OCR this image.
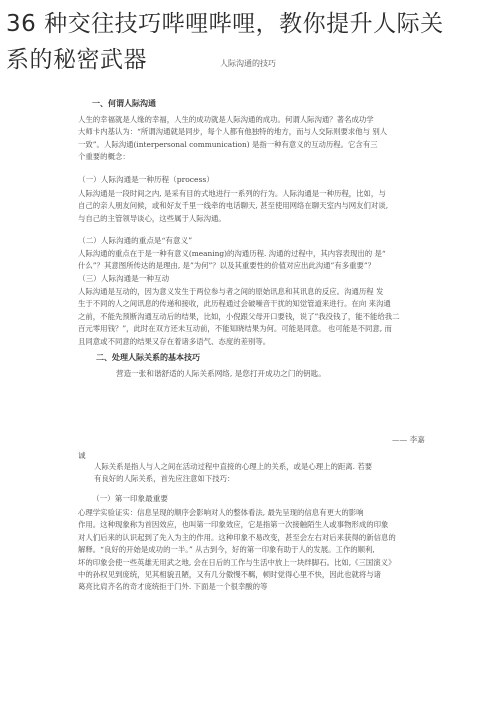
36 种交往技巧哔哩哔哩，教你提升人际关
系的秘密武器	人际沟通的技巧
一、何谓人际沟通
人生的幸福就是人缘的幸福，人生的成功就是人际沟通的成功。何谓人际沟通？著名成功学
大师卡内基认为：“所谓沟通就是同步，每个人都有他独特的地方，而与人交际则要求他与 别人
一致”。人际沟通(interpersonal communication) 是指一种有意义的互动历程。它含有三
个重要的概念：
（一）人际沟通是一种历程（process）
人际沟通是一段时间之内, 是采有目的式地进行一系列的行为。人际沟通是一种历程，比如，与
自己的亲人朋友问候，或和好友千里一线牵的电话聊天, 甚至使用网络在聊天室内与网友们对谈,
与自己的主管领导谈心，这些属于人际沟通。
（二）人际沟通的重点是“有意义”
人际沟通的重点在于是一种有意义(meaning)的沟通历程. 沟通的过程中，其内容表现出的 是“
什么”？其意图所传达的是理由, 是”为何”？以及其重要性的价值对应出此沟通”有多重要”？
（三）人际沟通是一种互动
人际沟通是互动的，因为意义发生于两位参与者之间的原始讯息和其讯息的反应。沟通历程 发
生于不同的人之间讯息的传递和接收，此历程通过会破噪音干扰的知觉管道来进行。在向 来沟通
之前，不能先预断沟通互动后的结果，比如，小倪跟父母开口要钱，说了”我没钱了，能不能给我二
百元零用钱？”，此时在双方还未互动前，不能知晓结果为何。可能是同意。 也可能是不同意, 而
且同意或不同意的结果又存在着诸多语气、态度的差别等。
二、处理人际关系的基本技巧
营造一张和谐舒适的人际关系网络, 是您打开成功之门的钥匙。
—— 李嘉
诚
人际关系是指人与人之间在活动过程中直接的心理上的关系，或是心理上的距离. 若要
有良好的人际关系，首先应注意如下技巧：
（一）第一印象最重要
心理学实验证实：信息呈现的顺序会影响对人的整体看法, 最先呈现的信息有更大的影响
作用。这种现象称为首因效应，也叫第一印象效应，它是指第一次接触陌生人或事物形成的印象
对人们后来的认识起到了先入为主的作用。这种印象不易改变，甚至会左右对后来获得的新信息的
解释。“良好的开始是成功的一半。” 从古到今，好的第一印象有助于人的发展。工作的顺利,
坏的印象会使一些英雄无用武之地, 会在日后的工作与生活中放上一块绊脚石。比如,《三国演义》
中的孙权见到庞统，见其相貌丑陋，又有几分傲慢不羁，顿时觉得心里不快，因此也就将与诸
葛亮比肩齐名的奇才庞统拒于门外. 下面是一个很幸酸的等
